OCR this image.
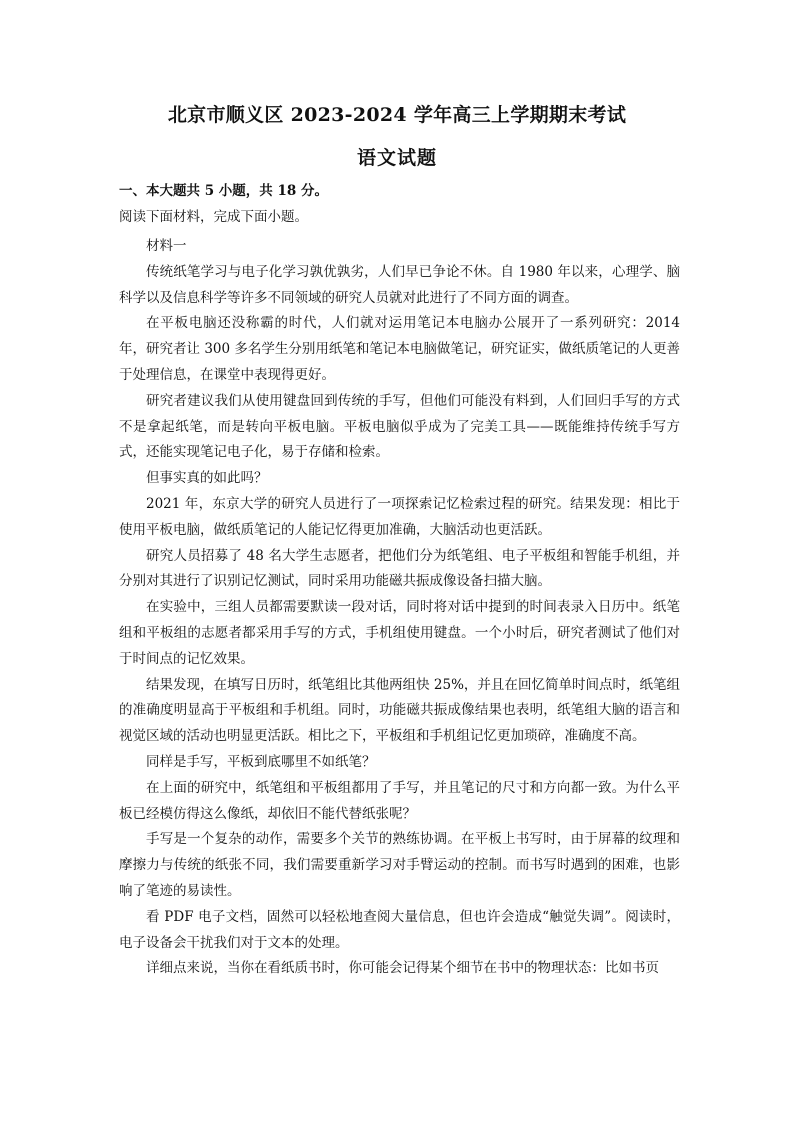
北京市顺义区 2023-2024 学年高三上学期期末考试
语文试题
一、本大题共 5 小题，共 18 分。
阅读下面材料，完成下面小题。

材料一

传统纸笔学习与电子化学习孰优孰劣，人们早已争论不休。自 1980 年以来，心理学、脑科学以及信息科学等许多不同领域的研究人员就对此进行了不同方面的调查。

在平板电脑还没称霸的时代，人们就对运用笔记本电脑办公展开了一系列研究：2014 年，研究者让 300 多名学生分别用纸笔和笔记本电脑做笔记，研究证实，做纸质笔记的人更善于处理信息，在课堂中表现得更好。

研究者建议我们从使用键盘回到传统的手写，但他们可能没有料到，人们回归手写的方式不是拿起纸笔，而是转向平板电脑。平板电脑似乎成为了完美工具——既能维持传统手写方式，还能实现笔记电子化，易于存储和检索。

但事实真的如此吗？

2021 年，东京大学的研究人员进行了一项探索记忆检索过程的研究。结果发现：相比于使用平板电脑，做纸质笔记的人能记忆得更加准确，大脑活动也更活跃。

研究人员招募了 48 名大学生志愿者，把他们分为纸笔组、电子平板组和智能手机组，并分别对其进行了识别记忆测试，同时采用功能磁共振成像设备扫描大脑。

在实验中，三组人员都需要默读一段对话，同时将对话中提到的时间表录入日历中。纸笔组和平板组的志愿者都采用手写的方式，手机组使用键盘。一个小时后，研究者测试了他们对于时间点的记忆效果。

结果发现，在填写日历时，纸笔组比其他两组快 25%，并且在回忆简单时间点时，纸笔组的准确度明显高于平板组和手机组。同时，功能磁共振成像结果也表明，纸笔组大脑的语言和视觉区域的活动也明显更活跃。相比之下，平板组和手机组记忆更加琐碎，准确度不高。

同样是手写，平板到底哪里不如纸笔？

在上面的研究中，纸笔组和平板组都用了手写，并且笔记的尺寸和方向都一致。为什么平板已经模仿得这么像纸，却依旧不能代替纸张呢？

手写是一个复杂的动作，需要多个关节的熟练协调。在平板上书写时，由于屏幕的纹理和摩擦力与传统的纸张不同，我们需要重新学习对手臂运动的控制。而书写时遇到的困难，也影响了笔迹的易读性。

看 PDF 电子文档，固然可以轻松地查阅大量信息，但也许会造成“触觉失调”。阅读时，电子设备会干扰我们对于文本的处理。

详细点来说，当你在看纸质书时，你可能会记得某个细节在书中的物理状态：比如书页
